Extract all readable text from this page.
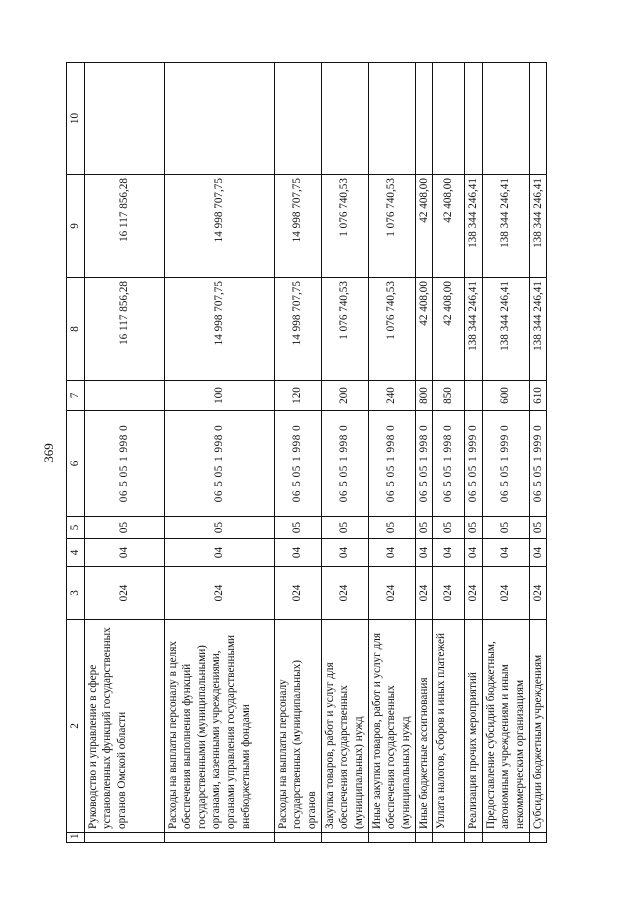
369
1	2	3	4	5	6	7	8	9	10
	Руководство и управление в сфере установленных функций государственных органов Омской области	024	04	05	06 5 05 1 998 0		16 117 856,28	16 117 856,28	
	Расходы на выплаты персоналу в целях обеспечения выполнения функций государственными (муниципальными) органами, казенными учреждениями, органами управления государственными внебюджетными фондами	024	04	05	06 5 05 1 998 0	100	14 998 707,75	14 998 707,75	
	Расходы на выплаты персоналу государственных (муниципальных) органов	024	04	05	06 5 05 1 998 0	120	14 998 707,75	14 998 707,75	
	Закупка товаров, работ и услуг для обеспечения государственных (муниципальных) нужд	024	04	05	06 5 05 1 998 0	200	1 076 740,53	1 076 740,53	
	Иные закупки товаров, работ и услуг для обеспечения государственных (муниципальных) нужд	024	04	05	06 5 05 1 998 0	240	1 076 740,53	1 076 740,53	
	Иные бюджетные ассигнования	024	04	05	06 5 05 1 998 0	800	42 408,00	42 408,00	
	Уплата налогов, сборов и иных платежей	024	04	05	06 5 05 1 998 0	850	42 408,00	42 408,00	
	Реализация прочих мероприятий	024	04	05	06 5 05 1 999 0		138 344 246,41	138 344 246,41	
	Предоставление субсидий бюджетным, автономным учреждениям и иным некоммерческим организациям	024	04	05	06 5 05 1 999 0	600	138 344 246,41	138 344 246,41	
	Субсидии бюджетным учреждениям	024	04	05	06 5 05 1 999 0	610	138 344 246,41	138 344 246,41	
